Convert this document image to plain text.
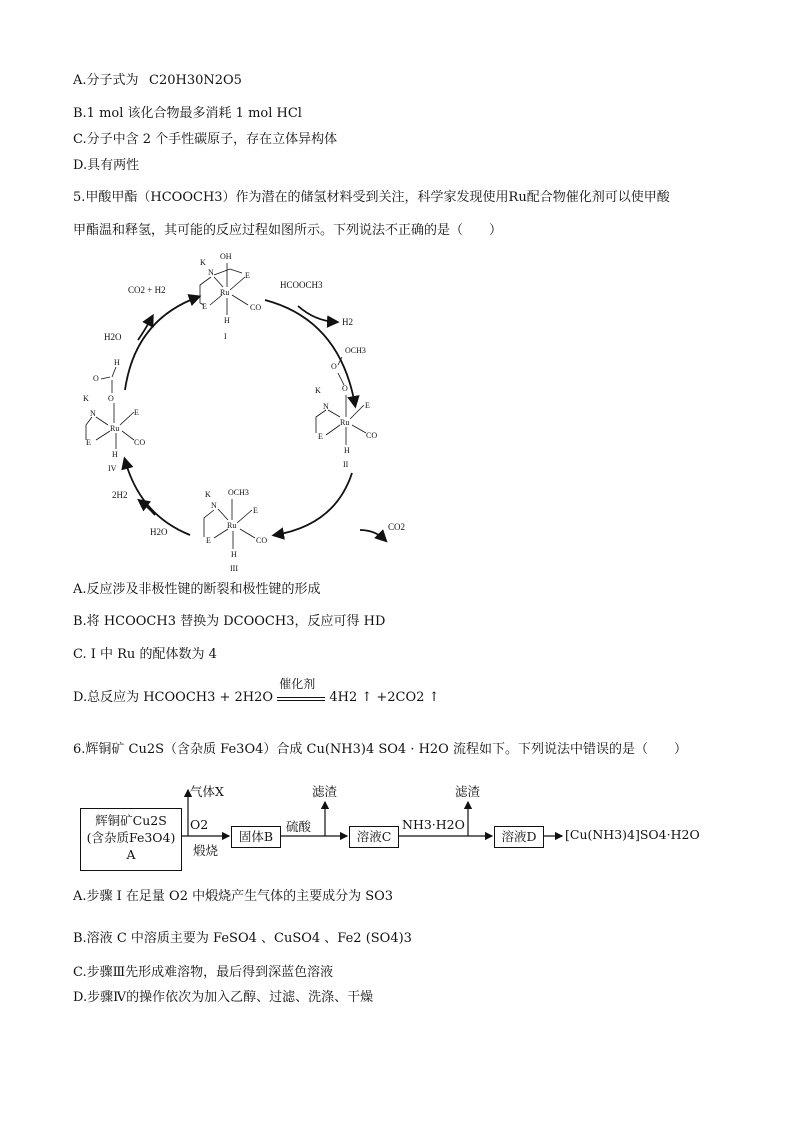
A.分子式为
B.1 mol 该化合物最多消耗 1 mol HCl
C.分子中含 2 个手性碳原子，存在立体异构体
D.具有两性
C20H30N2O5
5.甲酸甲酯（HCOOCH3）作为潜在的储氢材料受到关注，科学家发现使用Ru配合物催化剂可以使甲酸
甲酯温和释氢，其可能的反应过程如图所示。下列说法不正确的是（　　）
HCOOCH3
H2
CO2 + H2
H2O
2H2
H2O	CO2
K
N
OH
Ru
E
E	CO
H
I
OCH3
O
O
K
N
Ru
E
E	CO
H
II
K
N
OCH3
Ru
E
E	CO
H
III
H
O
O
K
N
Ru
E
E	CO
H
IV
A.反应涉及非极性键的断裂和极性键的形成
B.将 HCOOCH3 替换为 DCOOCH3，反应可得 HD
C. I 中 Ru 的配体数为 4
D.总反应为 HCOOCH3 + 2H2O
催化剂
4H2 ↑ +2CO2 ↑
6.辉铜矿 Cu2S（含杂质 Fe3O4）合成 Cu(NH3)4 SO4 · H2O 流程如下。下列说法中错误的是（　　）
辉铜矿Cu2S
(含杂质Fe3O4)
A
固体B	溶液C	溶液D
气体X
O2
煅烧
硫酸
滤渣
NH3·H2O
滤渣
[Cu(NH3)4]SO4·H2O
A.步骤 I 在足量 O2 中煅烧产生气体的主要成分为 SO3
B.溶液 C 中溶质主要为 FeSO4 、CuSO4 、Fe2 (SO4)3
C.步骤Ⅲ先形成难溶物，最后得到深蓝色溶液
D.步骤Ⅳ的操作依次为加入乙醇、过滤、洗涤、干燥
